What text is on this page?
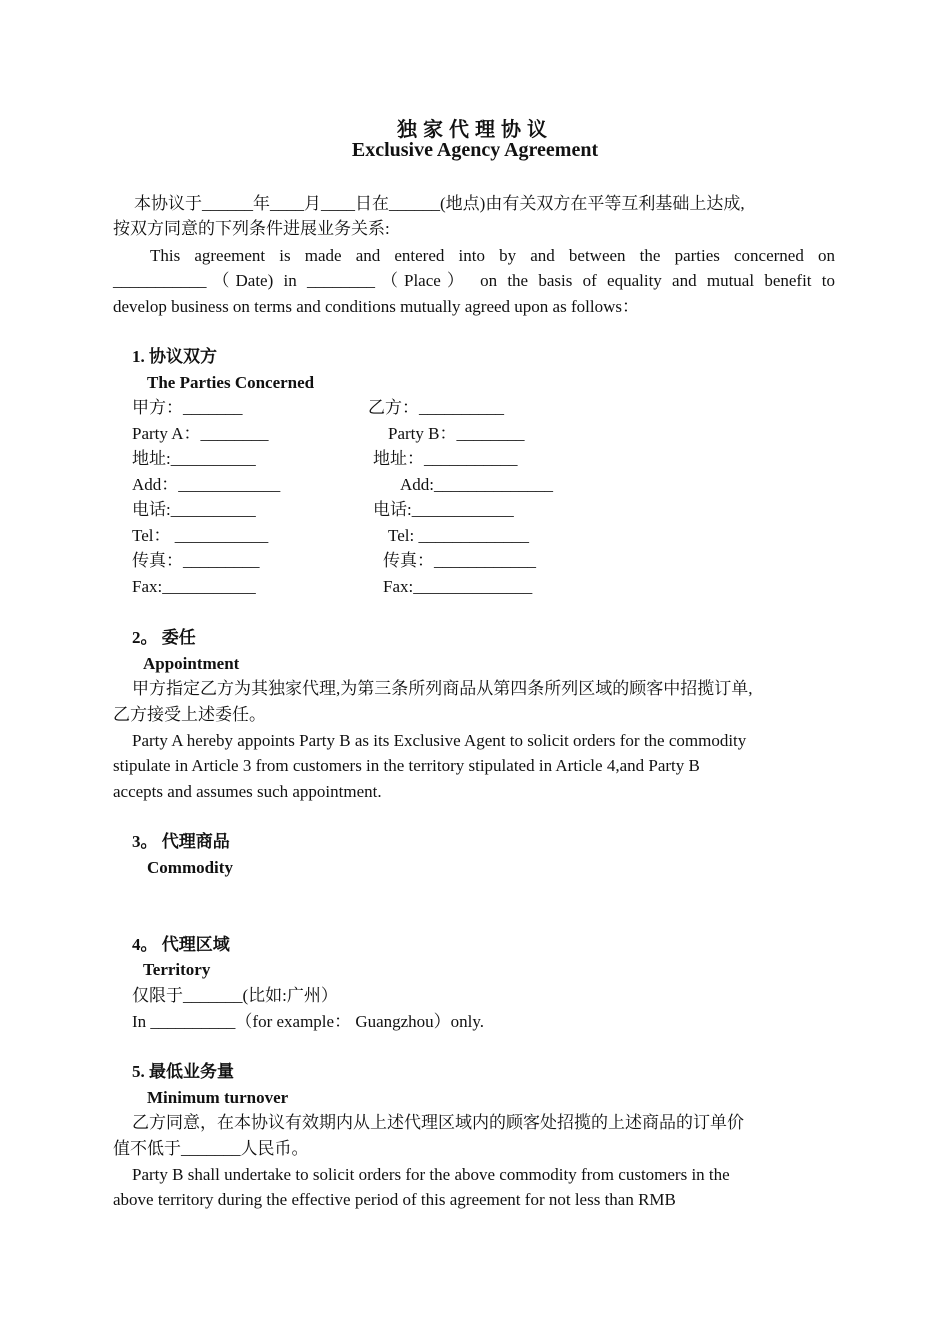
独家代理协议
Exclusive Agency Agreement
本协议于______年____月____日在______(地点)由有关双方在平等互利基础上达成,
按双方同意的下列条件进展业务关系:
This agreement is made and entered into by and between the parties concerned on
___________（Date) in ________（Place） on the basis of equality and mutual benefit to
develop business on terms and conditions mutually agreed upon as follows：
1. 协议双方
The Parties Concerned
甲方：_______
Party A：________
地址:__________
Add：____________
电话:__________
Tel： ___________
传真：_________
Fax:___________
乙方：__________
Party B：________
地址：___________
Add:______________
电话:____________
Tel: _____________
传真：____________
Fax:______________
2。 委任
Appointment
甲方指定乙方为其独家代理,为第三条所列商品从第四条所列区域的顾客中招揽订单,
乙方接受上述委任。
Party A hereby appoints Party B as its Exclusive Agent to solicit orders for the commodity
stipulate in Article 3 from customers in the territory stipulated in Article 4,and Party B
accepts and assumes such appointment.
3。 代理商品
Commodity
4。 代理区域
Territory
仅限于_______(比如:广州）
In __________（for example： Guangzhou）only.
5. 最低业务量
Minimum turnover
乙方同意，在本协议有效期内从上述代理区域内的顾客处招揽的上述商品的订单价
值不低于_______人民币。
Party B shall undertake to solicit orders for the above commodity from customers in the
above territory during the effective period of this agreement for not less than RMB
